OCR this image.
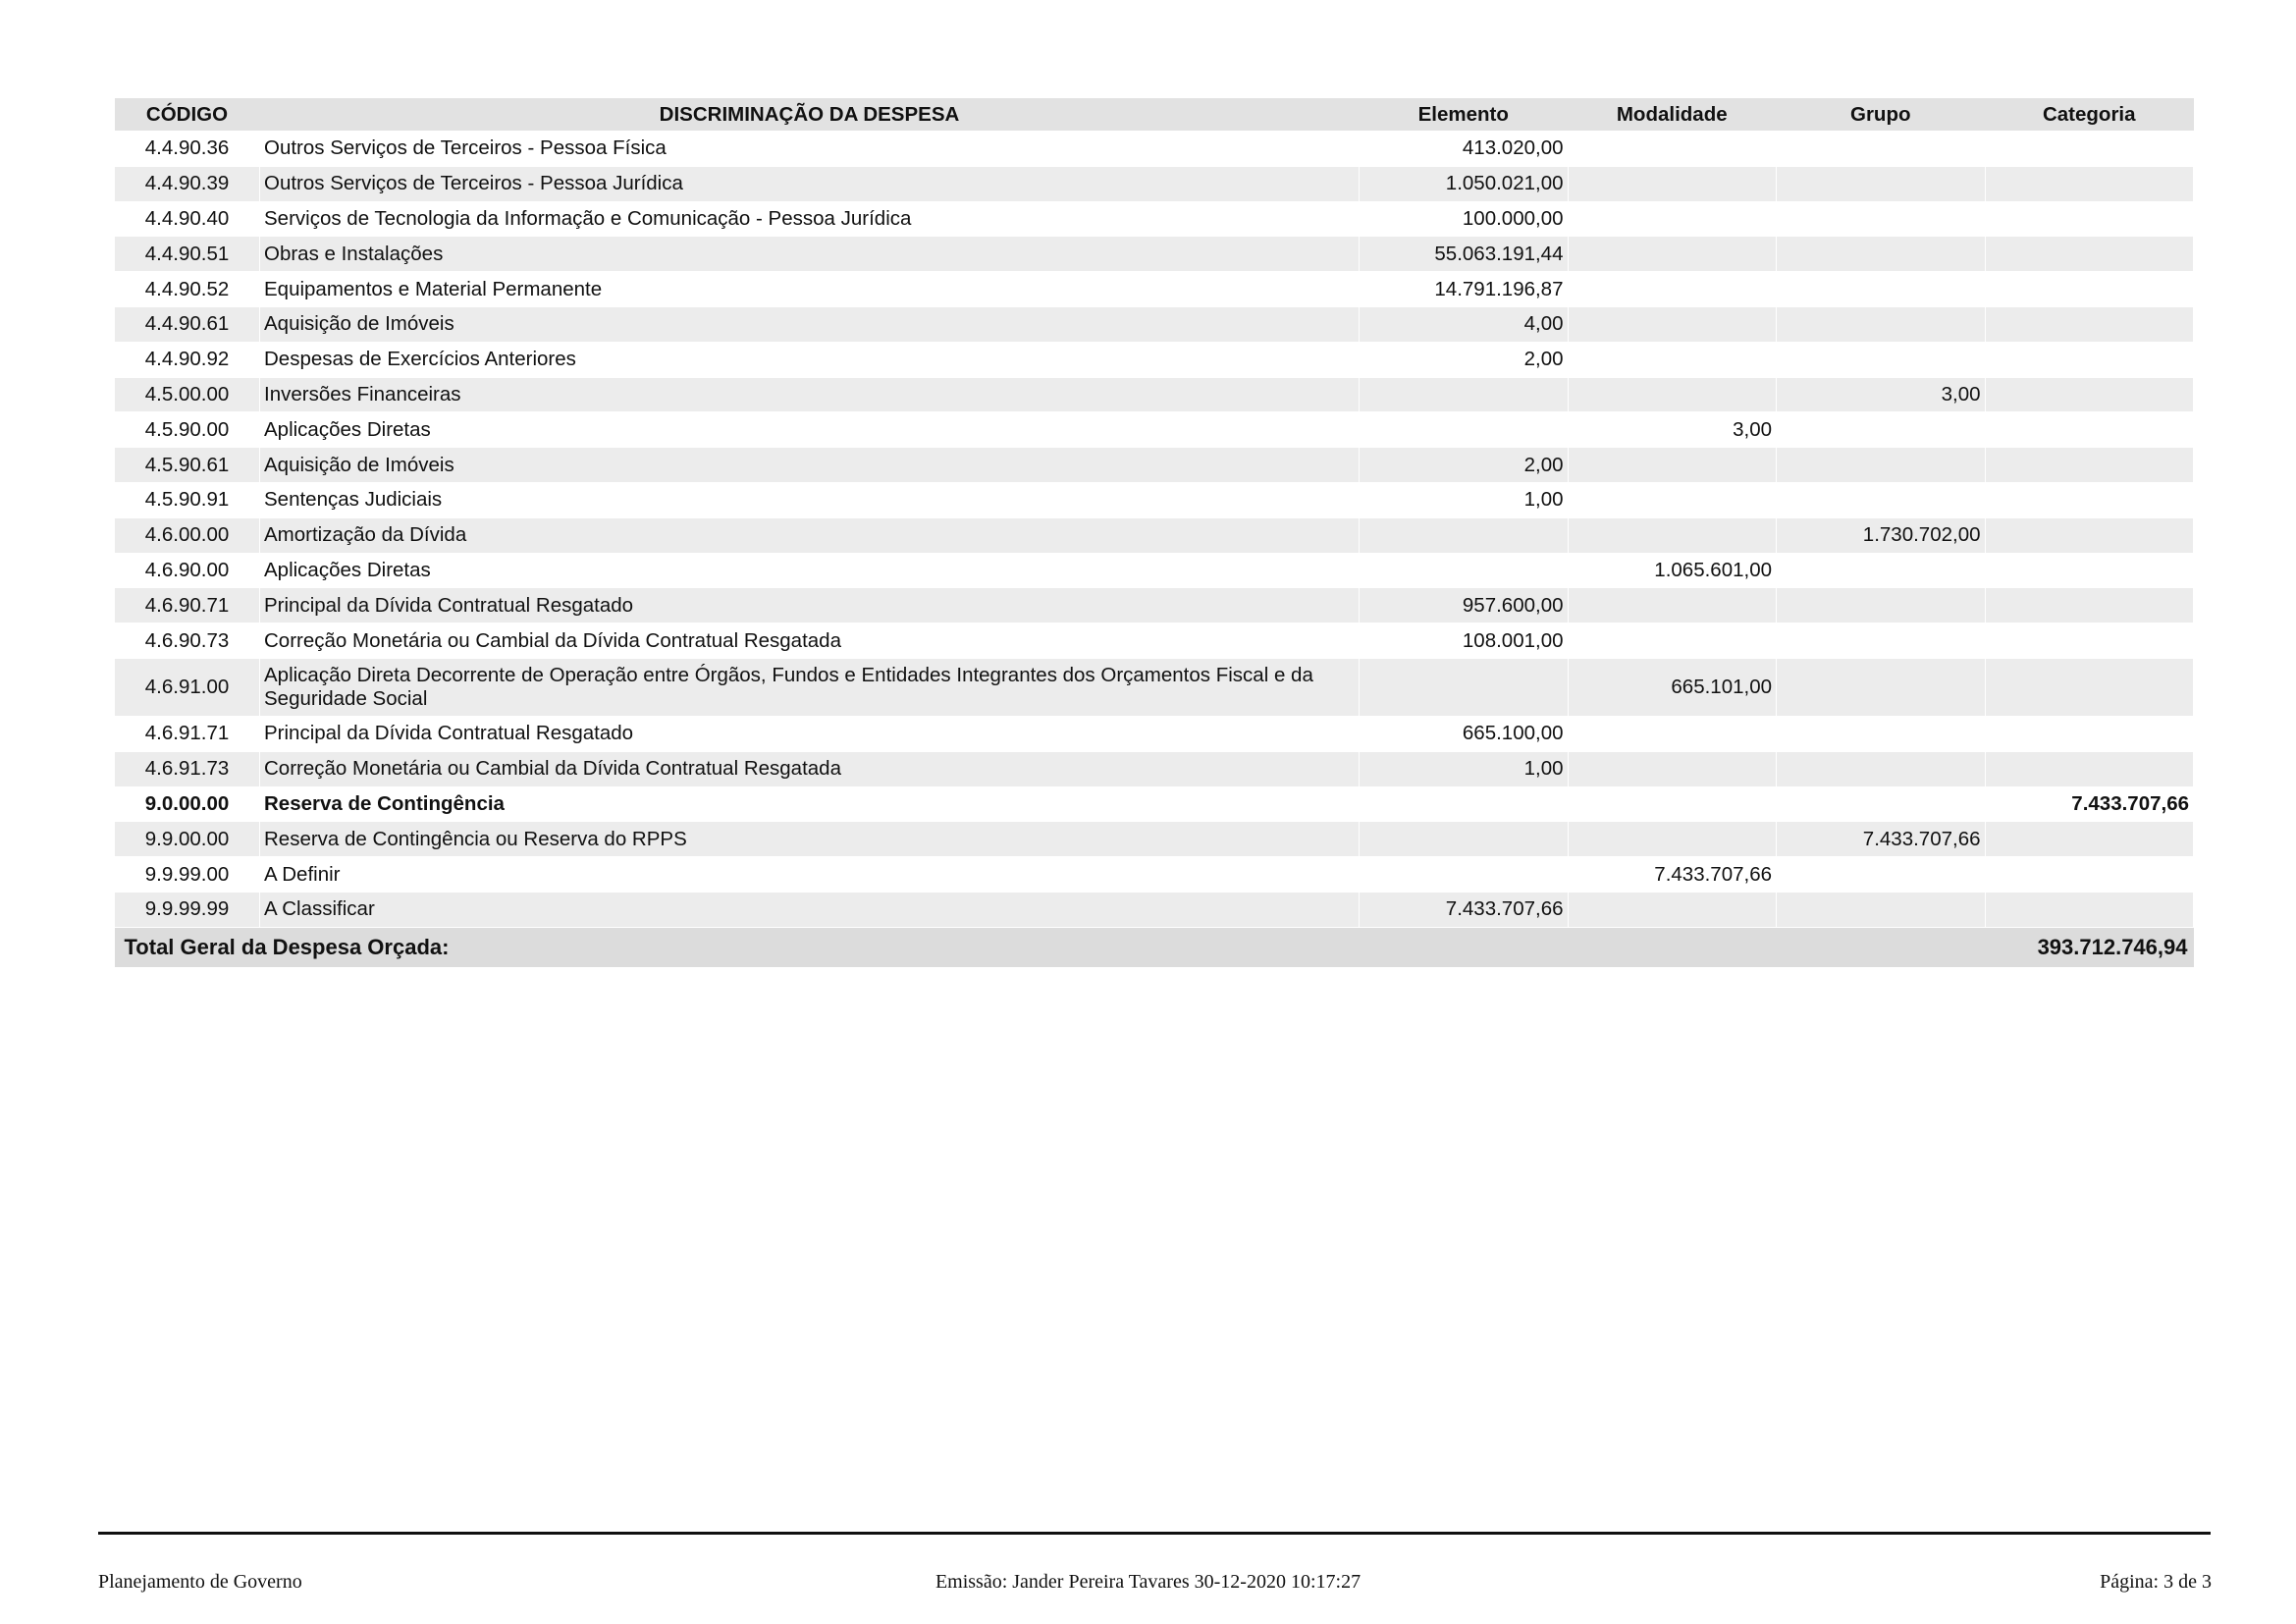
CÓDIGO	DISCRIMINAÇÃO DA DESPESA	Elemento	Modalidade	Grupo	Categoria
4.4.90.36	Outros Serviços de Terceiros - Pessoa Física	413.020,00			
4.4.90.39	Outros Serviços de Terceiros - Pessoa Jurídica	1.050.021,00			
4.4.90.40	Serviços de Tecnologia da Informação e Comunicação - Pessoa Jurídica	100.000,00			
4.4.90.51	Obras e Instalações	55.063.191,44			
4.4.90.52	Equipamentos e Material Permanente	14.791.196,87			
4.4.90.61	Aquisição de Imóveis	4,00			
4.4.90.92	Despesas de Exercícios Anteriores	2,00			
4.5.00.00	Inversões Financeiras			3,00	
4.5.90.00	Aplicações Diretas		3,00		
4.5.90.61	Aquisição de Imóveis	2,00			
4.5.90.91	Sentenças Judiciais	1,00			
4.6.00.00	Amortização da Dívida			1.730.702,00	
4.6.90.00	Aplicações Diretas		1.065.601,00		
4.6.90.71	Principal da Dívida Contratual Resgatado	957.600,00			
4.6.90.73	Correção Monetária ou Cambial da Dívida Contratual Resgatada	108.001,00			
4.6.91.00	Aplicação Direta Decorrente de Operação entre Órgãos, Fundos e Entidades Integrantes dos Orçamentos Fiscal e da Seguridade Social		665.101,00		
4.6.91.71	Principal da Dívida Contratual Resgatado	665.100,00			
4.6.91.73	Correção Monetária ou Cambial da Dívida Contratual Resgatada	1,00			
9.0.00.00	Reserva de Contingência				7.433.707,66
9.9.00.00	Reserva de Contingência ou Reserva do RPPS			7.433.707,66	
9.9.99.00	A Definir		7.433.707,66		
9.9.99.99	A Classificar	7.433.707,66			
Total Geral da Despesa Orçada:					393.712.746,94
Planejamento de Governo	Emissão: Jander Pereira Tavares 30-12-2020 10:17:27	Página: 3 de 3
